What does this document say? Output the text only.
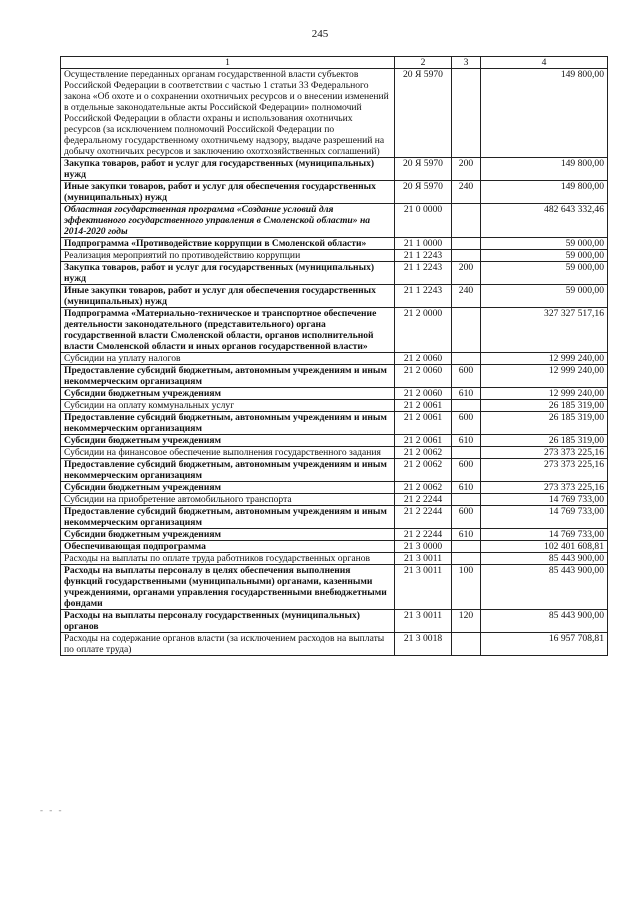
245
1	2	3	4
Осуществление переданных органам государственной власти субъектов Российской Федерации в соответствии с частью 1 статьи 33 Федерального закона «Об охоте и о сохранении охотничьих ресурсов и о внесении изменений в отдельные законодательные акты Российской Федерации» полномочий Российской Федерации в области охраны и использования охотничьих ресурсов (за исключением полномочий Российской Федерации по федеральному государственному охотничьему надзору, выдаче разрешений на добычу охотничьих ресурсов и заключению охотхозяйственных соглашений)	20 Я 5970		149 800,00
Закупка товаров, работ и услуг для государственных (муниципальных) нужд	20 Я 5970	200	149 800,00
Иные закупки товаров, работ и услуг для обеспечения государственных (муниципальных) нужд	20 Я 5970	240	149 800,00
Областная государственная программа «Создание условий для эффективного государственного управления в Смоленской области» на 2014-2020 годы	21 0 0000		482 643 332,46
Подпрограмма «Противодействие коррупции в Смоленской области»	21 1 0000		59 000,00
Реализация мероприятий по противодействию коррупции	21 1 2243		59 000,00
Закупка товаров, работ и услуг для государственных (муниципальных) нужд	21 1 2243	200	59 000,00
Иные закупки товаров, работ и услуг для обеспечения государственных (муниципальных) нужд	21 1 2243	240	59 000,00
Подпрограмма «Материально-техническое и транспортное обеспечение деятельности законодательного (представительного) органа государственной власти Смоленской области, органов исполнительной власти Смоленской области и иных органов государственной власти»	21 2 0000		327 327 517,16
Субсидии на уплату налогов	21 2 0060		12 999 240,00
Предоставление субсидий бюджетным, автономным учреждениям и иным некоммерческим организациям	21 2 0060	600	12 999 240,00
Субсидии бюджетным учреждениям	21 2 0060	610	12 999 240,00
Субсидии на оплату коммунальных услуг	21 2 0061		26 185 319,00
Предоставление субсидий бюджетным, автономным учреждениям и иным некоммерческим организациям	21 2 0061	600	26 185 319,00
Субсидии бюджетным учреждениям	21 2 0061	610	26 185 319,00
Субсидии на финансовое обеспечение выполнения государственного задания	21 2 0062		273 373 225,16
Предоставление субсидий бюджетным, автономным учреждениям и иным некоммерческим организациям	21 2 0062	600	273 373 225,16
Субсидии бюджетным учреждениям	21 2 0062	610	273 373 225,16
Субсидии на приобретение автомобильного транспорта	21 2 2244		14 769 733,00
Предоставление субсидий бюджетным, автономным учреждениям и иным некоммерческим организациям	21 2 2244	600	14 769 733,00
Субсидии бюджетным учреждениям	21 2 2244	610	14 769 733,00
Обеспечивающая подпрограмма	21 3 0000		102 401 608,81
Расходы на выплаты по оплате труда работников государственных органов	21 3 0011		85 443 900,00
Расходы на выплаты персоналу в целях обеспечения выполнения функций государственными (муниципальными) органами, казенными учреждениями, органами управления государственными внебюджетными фондами	21 3 0011	100	85 443 900,00
Расходы на выплаты персоналу государственных (муниципальных) органов	21 3 0011	120	85 443 900,00
Расходы на содержание органов власти (за исключением расходов на выплаты по оплате труда)	21 3 0018		16 957 708,81
- - -
